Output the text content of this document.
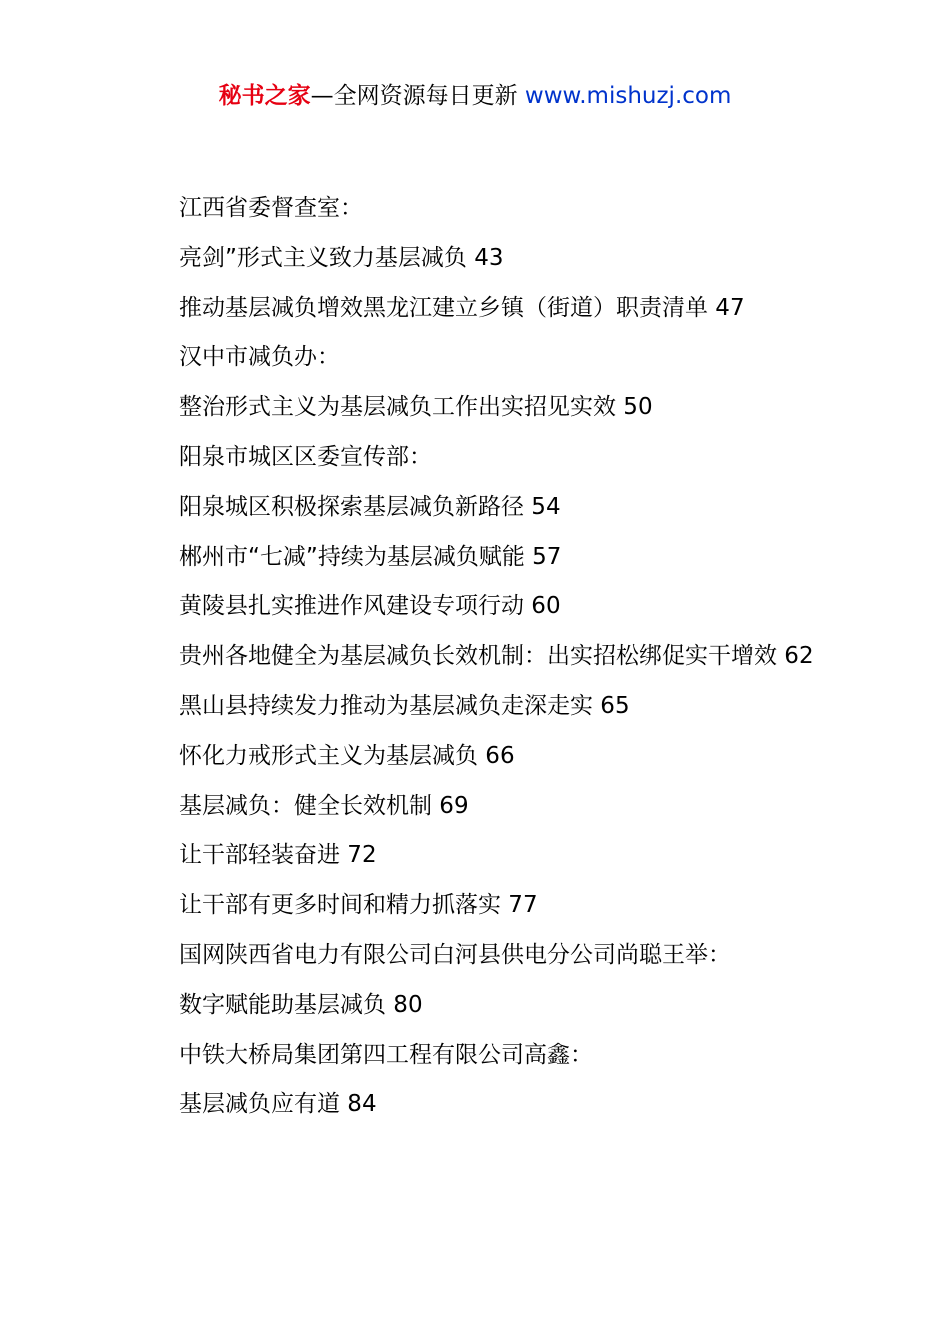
秘书之家—全网资源每日更新 www.mishuzj.com
江西省委督查室：
亮剑”形式主义致力基层减负 43
推动基层减负增效黑龙江建立乡镇（街道）职责清单 47
汉中市减负办：
整治形式主义为基层减负工作出实招见实效 50
阳泉市城区区委宣传部：
阳泉城区积极探索基层减负新路径 54
郴州市“七减”持续为基层减负赋能 57
黄陵县扎实推进作风建设专项行动 60
贵州各地健全为基层减负长效机制：出实招松绑促实干增效 62
黑山县持续发力推动为基层减负走深走实 65
怀化力戒形式主义为基层减负 66
基层减负：健全长效机制 69
让干部轻装奋进 72
让干部有更多时间和精力抓落实 77
国网陕西省电力有限公司白河县供电分公司尚聪王举：
数字赋能助基层减负 80
中铁大桥局集团第四工程有限公司高鑫：
基层减负应有道 84
